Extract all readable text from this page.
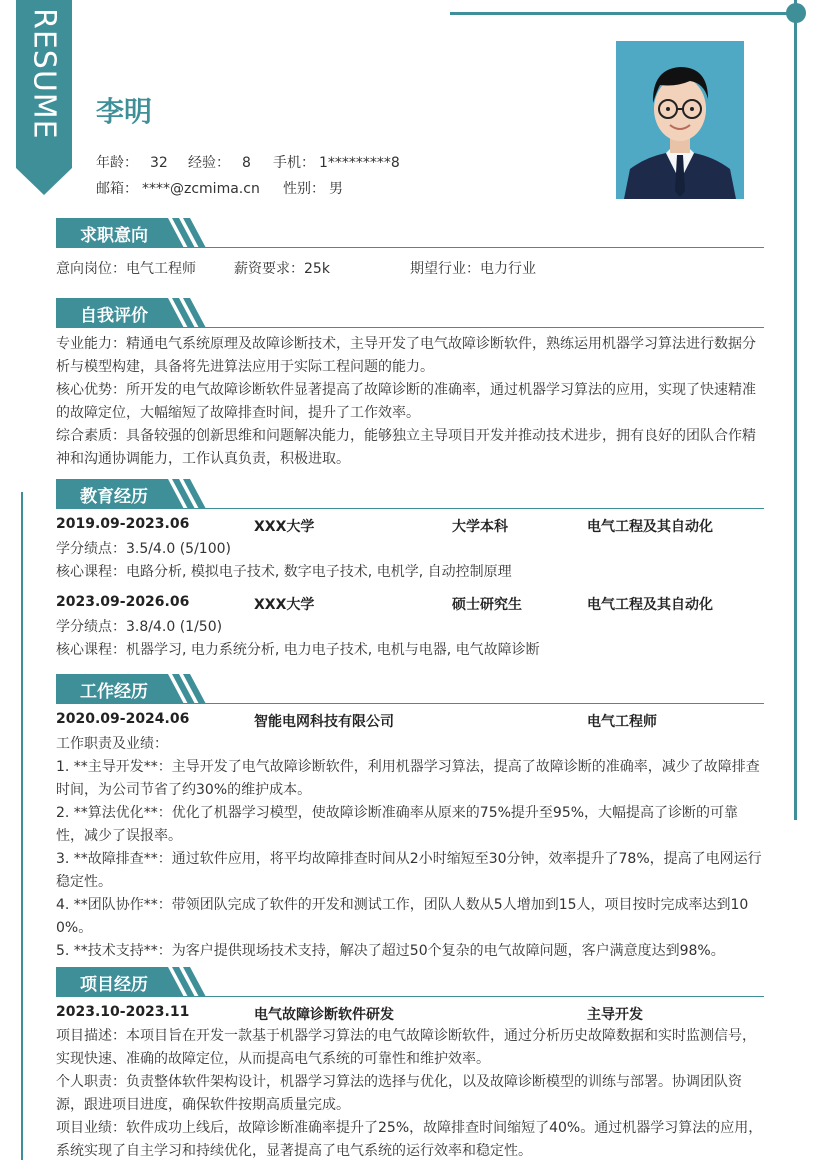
RESUME	李明
年龄： 32 经验： 8 手机： 1*********8
邮箱： ****@zcmima.cn 性别： 男
求职意向
意向岗位：电气工程师	薪资要求：25k	期望行业：电力行业
自我评价
专业能力：精通电气系统原理及故障诊断技术，主导开发了电气故障诊断软件，熟练运用机器学习算法进行数据分
析与模型构建，具备将先进算法应用于实际工程问题的能力。
核心优势：所开发的电气故障诊断软件显著提高了故障诊断的准确率，通过机器学习算法的应用，实现了快速精准
的故障定位，大幅缩短了故障排查时间，提升了工作效率。
综合素质：具备较强的创新思维和问题解决能力，能够独立主导项目开发并推动技术进步，拥有良好的团队合作精
神和沟通协调能力，工作认真负责，积极进取。
教育经历
2019.09-2023.06	XXX大学	大学本科	电气工程及其自动化
学分绩点：3.5/4.0 (5/100)
核心课程：电路分析, 模拟电子技术, 数字电子技术, 电机学, 自动控制原理
2023.09-2026.06	XXX大学	硕士研究生	电气工程及其自动化
学分绩点：3.8/4.0 (1/50)
核心课程：机器学习, 电力系统分析, 电力电子技术, 电机与电器, 电气故障诊断
工作经历
2020.09-2024.06	智能电网科技有限公司	电气工程师
工作职责及业绩：
1. **主导开发**：主导开发了电气故障诊断软件，利用机器学习算法，提高了故障诊断的准确率，减少了故障排查
时间，为公司节省了约30%的维护成本。
2. **算法优化**：优化了机器学习模型，使故障诊断准确率从原来的75%提升至95%，大幅提高了诊断的可靠
性，减少了误报率。
3. **故障排查**：通过软件应用，将平均故障排查时间从2小时缩短至30分钟，效率提升了78%，提高了电网运行
稳定性。
4. **团队协作**：带领团队完成了软件的开发和测试工作，团队人数从5人增加到15人，项目按时完成率达到10
0%。
5. **技术支持**：为客户提供现场技术支持，解决了超过50个复杂的电气故障问题，客户满意度达到98%。
项目经历
2023.10-2023.11	电气故障诊断软件研发	主导开发
项目描述：本项目旨在开发一款基于机器学习算法的电气故障诊断软件，通过分析历史故障数据和实时监测信号，
实现快速、准确的故障定位，从而提高电气系统的可靠性和维护效率。
个人职责：负责整体软件架构设计，机器学习算法的选择与优化，以及故障诊断模型的训练与部署。协调团队资
源，跟进项目进度，确保软件按期高质量完成。
项目业绩：软件成功上线后，故障诊断准确率提升了25%，故障排查时间缩短了40%。通过机器学习算法的应用，
系统实现了自主学习和持续优化，显著提高了电气系统的运行效率和稳定性。
